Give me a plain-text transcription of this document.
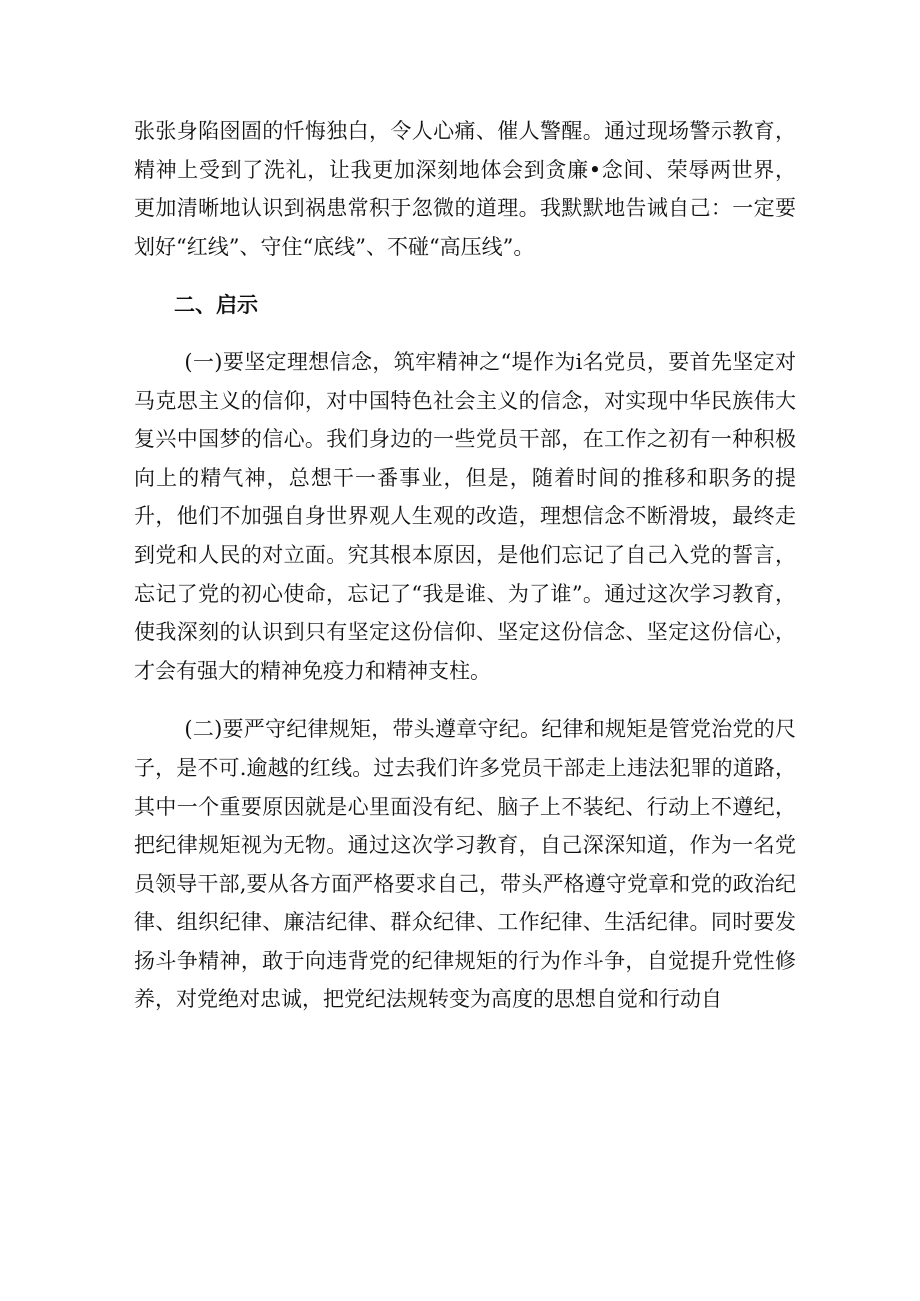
张张身陷囹圄的忏悔独白，令人心痛、催人警醒。通过现场警示教育，精神上受到了洗礼，让我更加深刻地体会到贪廉•念间、荣辱两世界，更加清晰地认识到祸患常积于忽微的道理。我默默地告诫自己：一定要划好“红线”、守住“底线”、不碰“高压线”。

二、启示

(一)要坚定理想信念，筑牢精神之“堤作为i名党员，要首先坚定对马克思主义的信仰，对中国特色社会主义的信念，对实现中华民族伟大复兴中国梦的信心。我们身边的一些党员干部，在工作之初有一种积极向上的精气神，总想干一番事业，但是，随着时间的推移和职务的提升，他们不加强自身世界观人生观的改造，理想信念不断滑坡，最终走到党和人民的对立面。究其根本原因，是他们忘记了自己入党的誓言，忘记了党的初心使命，忘记了“我是谁、为了谁”。通过这次学习教育，使我深刻的认识到只有坚定这份信仰、坚定这份信念、坚定这份信心，才会有强大的精神免疫力和精神支柱。

(二)要严守纪律规矩，带头遵章守纪。纪律和规矩是管党治党的尺子，是不可.逾越的红线。过去我们许多党员干部走上违法犯罪的道路，其中一个重要原因就是心里面没有纪、脑子上不装纪、行动上不遵纪，把纪律规矩视为无物。通过这次学习教育，自己深深知道，作为一名党员领导干部,要从各方面严格要求自己，带头严格遵守党章和党的政治纪律、组织纪律、廉洁纪律、群众纪律、工作纪律、生活纪律。同时要发扬斗争精神，敢于向违背党的纪律规矩的行为作斗争，自觉提升党性修养，对党绝对忠诚，把党纪法规转变为高度的思想自觉和行动自
